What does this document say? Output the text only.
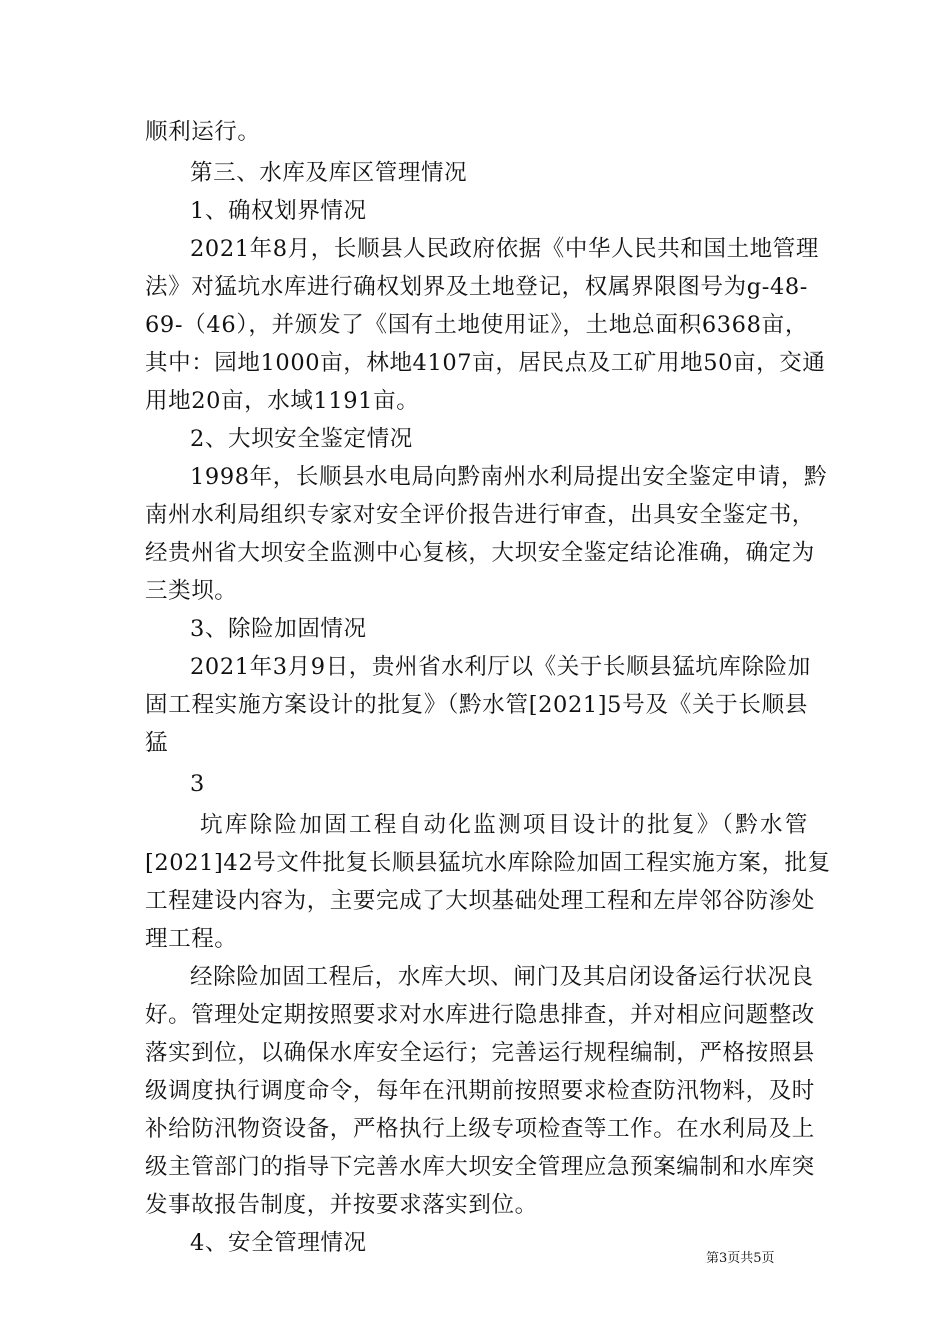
顺利运行。
第三、水库及库区管理情况
1、确权划界情况
2021年8月，长顺县人民政府依据《中华人民共和国土地管理
法》对猛坑水库进行确权划界及土地登记，权属界限图号为g-48-
69-（46），并颁发了《国有土地使用证》，土地总面积6368亩，
其中：园地1000亩，林地4107亩，居民点及工矿用地50亩，交通
用地20亩，水域1191亩。
2、大坝安全鉴定情况
1998年，长顺县水电局向黔南州水利局提出安全鉴定申请，黔
南州水利局组织专家对安全评价报告进行审查，出具安全鉴定书，
经贵州省大坝安全监测中心复核，大坝安全鉴定结论准确，确定为
三类坝。
3、除险加固情况
2021年3月9日，贵州省水利厅以《关于长顺县猛坑库除险加
固工程实施方案设计的批复》（黔水管[2021]5号及《关于长顺县
猛
3
坑库除险加固工程自动化监测项目设计的批复》（黔水管
[2021]42号文件批复长顺县猛坑水库除险加固工程实施方案，批复
工程建设内容为，主要完成了大坝基础处理工程和左岸邻谷防渗处
理工程。
经除险加固工程后，水库大坝、闸门及其启闭设备运行状况良
好。管理处定期按照要求对水库进行隐患排查，并对相应问题整改
落实到位，以确保水库安全运行；完善运行规程编制，严格按照县
级调度执行调度命令，每年在汛期前按照要求检查防汛物料，及时
补给防汛物资设备，严格执行上级专项检查等工作。在水利局及上
级主管部门的指导下完善水库大坝安全管理应急预案编制和水库突
发事故报告制度，并按要求落实到位。
4、安全管理情况
第3页共5页
